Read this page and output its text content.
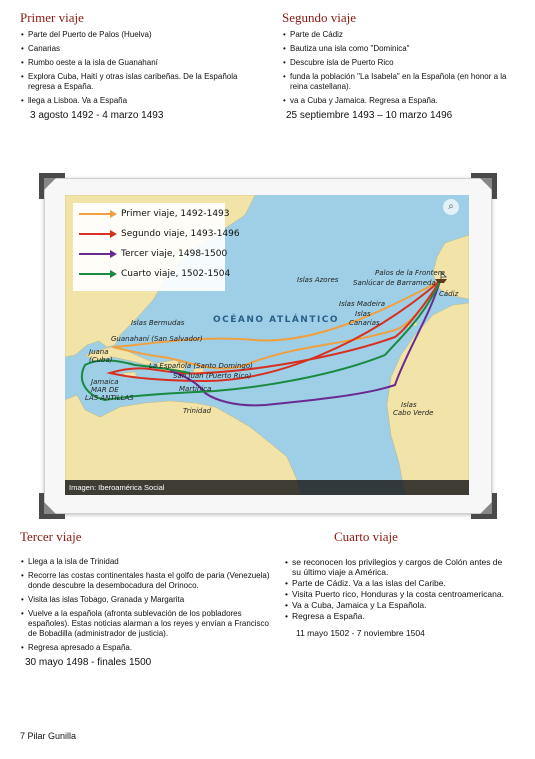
Primer viaje
• Parte del Puerto de Palos (Huelva)
• Canarias
• Rumbo oeste a la isla de Guanahaní
• Explora Cuba, Haití y otras islas caribeñas. De la Española regresa a España.
• llega a Lisboa. Va a España
3 agosto 1492 - 4 marzo 1493
Segundo viaje
• Parte de Cádiz
• Bautiza una isla como "Dominica"
• Descubre isla de Puerto Rico
• funda la población "La Isabela" en la Española (en honor a la reina castellana).
• va a Cuba y Jamaica. Regresa a España.
25 septiembre 1493 – 10 marzo 1496
⌕
Primer viaje, 1492-1493
Segundo viaje, 1493-1496
Tercer viaje, 1498-1500
Cuarto viaje, 1502-1504
OCÉANO ATLÁNTICO
Palos de la Frontera
Sanlúcar de Barrameda
Cádiz
Islas Azores
Islas Madeira
Islas
Canarias
Islas Bermudas
Guanahaní (San Salvador)
Juana
(Cuba)
La Española (Santo Domingo)
San Juan (Puerto Rico)
Jamaica
MAR DE
LAS ANTILLAS
Martinica
Trinidad
Islas
Cabo Verde
Imagen: Iberoamérica Social
Tercer viaje
• Llega a la isla de Trinidad
• Recorre las costas continentales hasta el golfo de paria (Venezuela) donde descubre la desembocadura del Orinoco.
• Visita las islas Tobago, Granada y Margarita
• Vuelve a la española (afronta sublevación de los pobladores españoles). Estas noticias alarman a los reyes y envían a Francisco de Bobadilla (administrador de justicia).
• Regresa apresado a España.
30 mayo 1498 - finales 1500
Cuarto viaje
• se reconocen los privilegios y cargos de Colón antes de su último viaje a América.
• Parte de Cádiz. Va a las islas del Caribe.
• Visita Puerto rico, Honduras y la costa centroamericana.
• Va a Cuba, Jamaica y La Española.
• Regresa a España.
11 mayo 1502 - 7 noviembre 1504
7 Pilar Gunilla
